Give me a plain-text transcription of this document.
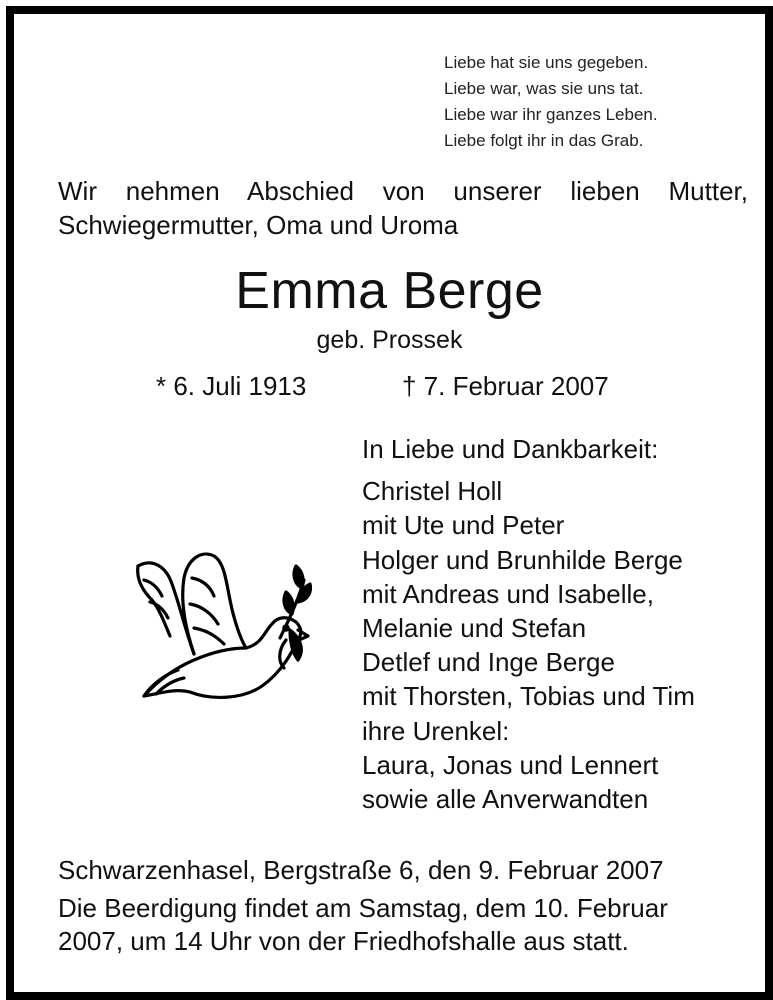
Liebe hat sie uns gegeben.
Liebe war, was sie uns tat.
Liebe war ihr ganzes Leben.
Liebe folgt ihr in das Grab.
Wir nehmen Abschied von unserer lieben Mutter,
Schwiegermutter, Oma und Uroma
Emma Berge
geb. Prossek
* 6. Juli 1913	† 7. Februar 2007
In Liebe und Dankbarkeit:
Christel Holl
mit Ute und Peter
Holger und Brunhilde Berge
mit Andreas und Isabelle,
Melanie und Stefan
Detlef und Inge Berge
mit Thorsten, Tobias und Tim
ihre Urenkel:
Laura, Jonas und Lennert
sowie alle Anverwandten
Schwarzenhasel, Bergstraße 6, den 9. Februar 2007
Die Beerdigung findet am Samstag, dem 10. Februar
2007, um 14 Uhr von der Friedhofshalle aus statt.
